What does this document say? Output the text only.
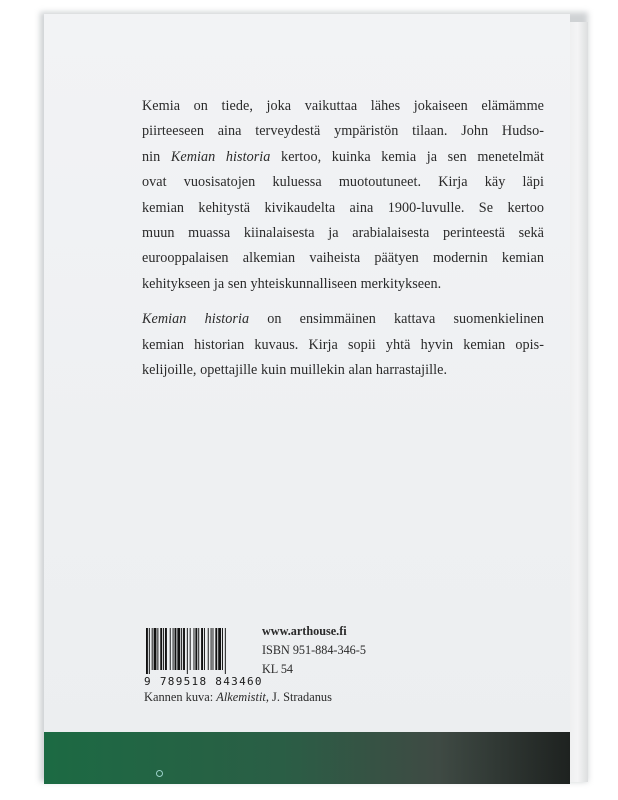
Kemia on tiede, joka vaikuttaa lähes jokaiseen elämämme
piirteeseen aina terveydestä ympäristön tilaan. John Hudso-
nin Kemian historia kertoo, kuinka kemia ja sen menetelmät
ovat vuosisatojen kuluessa muotoutuneet. Kirja käy läpi
kemian kehitystä kivikaudelta aina 1900-luvulle. Se kertoo
muun muassa kiinalaisesta ja arabialaisesta perinteestä sekä
eurooppalaisen alkemian vaiheista päätyen modernin kemian
kehitykseen ja sen yhteiskunnalliseen merkitykseen.

Kemian historia on ensimmäinen kattava suomenkielinen
kemian historian kuvaus. Kirja sopii yhtä hyvin kemian opis-
kelijoille, opettajille kuin muillekin alan harrastajille.

9 789518 843460
www.arthouse.fi
ISBN 951-884-346-5
KL 54
Kannen kuva: Alkemistit, J. Stradanus
